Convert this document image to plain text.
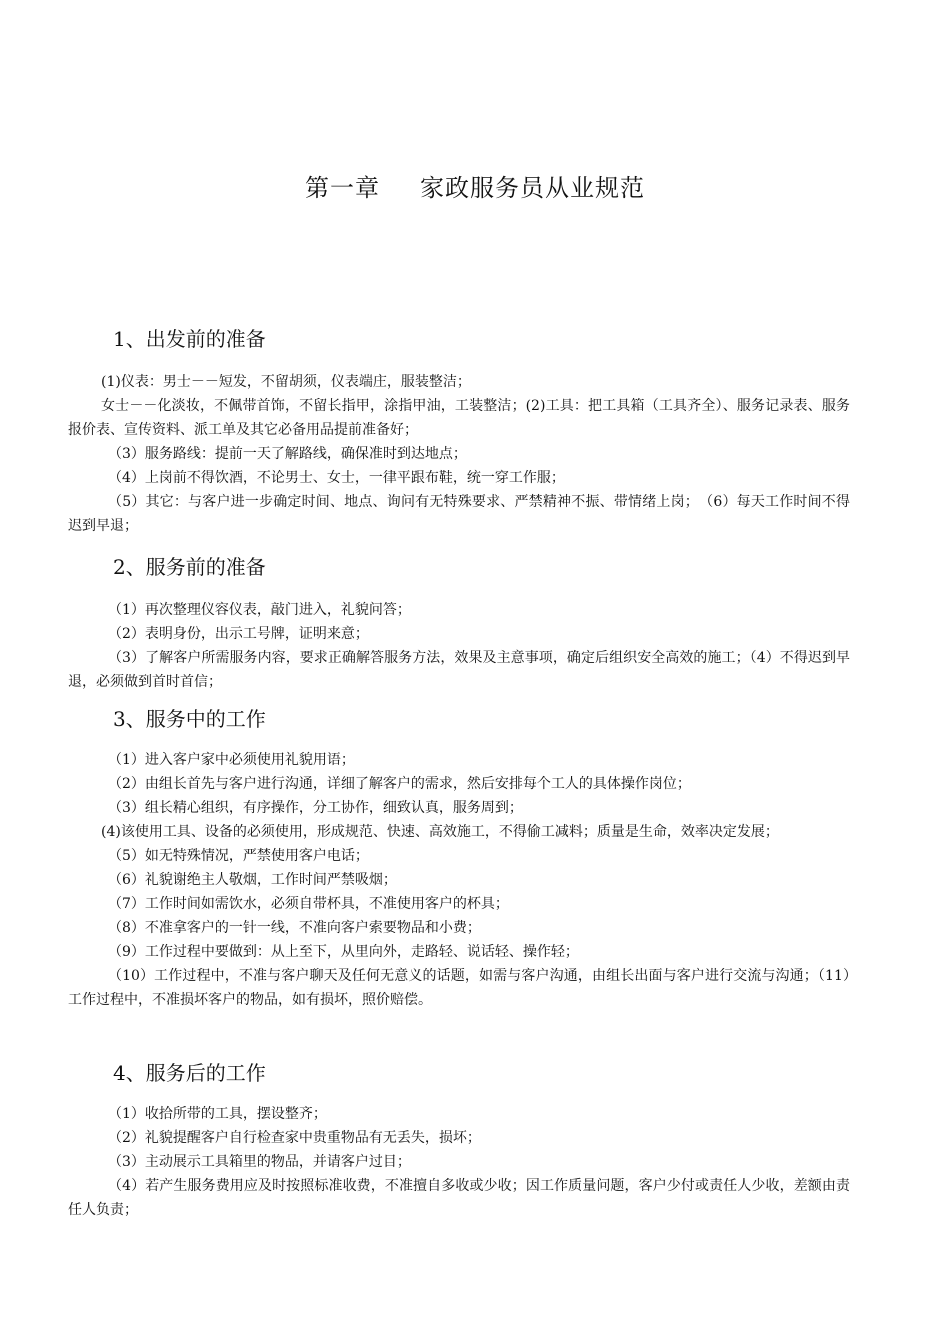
第一章 家政服务员从业规范
1、出发前的准备

(1)仪表：男士－－短发，不留胡须，仪表端庄，服装整洁；

女士－－化淡妆，不佩带首饰，不留长指甲，涂指甲油，工装整洁；(2)工具：把工具箱（工具齐全）、服务记录表、服务报价表、宣传资料、派工单及其它必备用品提前准备好；

（3）服务路线：提前一天了解路线，确保准时到达地点；

（4）上岗前不得饮酒，不论男士、女士，一律平跟布鞋，统一穿工作服；

（5）其它：与客户进一步确定时间、地点、询问有无特殊要求、严禁精神不振、带情绪上岗；　（6）每天工作时间不得迟到早退；

2、服务前的准备

（1）再次整理仪容仪表，敲门进入，礼貌问答；

（2）表明身份，出示工号牌，证明来意；

（3）了解客户所需服务内容，要求正确解答服务方法，效果及主意事项，确定后组织安全高效的施工；（4）不得迟到早退，必须做到首时首信；

3、服务中的工作

（1）进入客户家中必须使用礼貌用语；

（2）由组长首先与客户进行沟通，详细了解客户的需求，然后安排每个工人的具体操作岗位；

（3）组长精心组织，有序操作，分工协作，细致认真，服务周到；

(4)该使用工具、设备的必须使用，形成规范、快速、高效施工，不得偷工减料；质量是生命，效率决定发展；

（5）如无特殊情况，严禁使用客户电话；

（6）礼貌谢绝主人敬烟，工作时间严禁吸烟；

（7）工作时间如需饮水，必须自带杯具，不准使用客户的杯具；

（8）不准拿客户的一针一线，不准向客户索要物品和小费；

（9）工作过程中要做到：从上至下，从里向外，走路轻、说话轻、操作轻；

（10）工作过程中，不准与客户聊天及任何无意义的话题，如需与客户沟通，由组长出面与客户进行交流与沟通；（11）工作过程中，不准损坏客户的物品，如有损坏，照价赔偿。

4、服务后的工作

（1）收拾所带的工具，摆设整齐；

（2）礼貌提醒客户自行检查家中贵重物品有无丢失，损坏；

（3）主动展示工具箱里的物品，并请客户过目；

（4）若产生服务费用应及时按照标准收费，不准擅自多收或少收；因工作质量问题，客户少付或责任人少收，差额由责任人负责；
